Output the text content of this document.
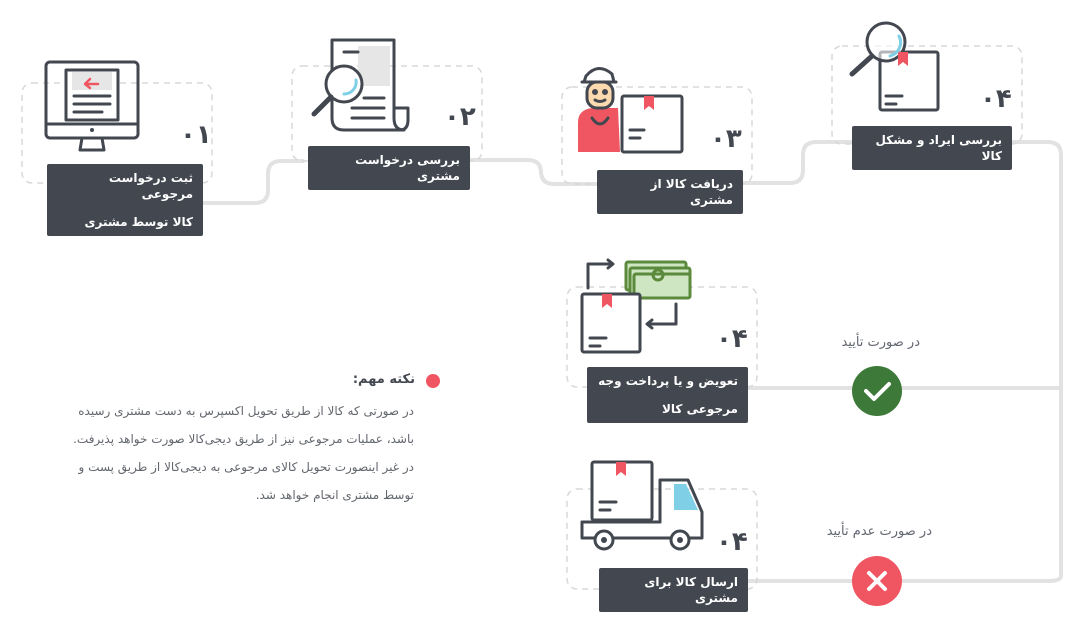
ثبت درخواست مرجوعی
کالا توسط مشتری
بررسی درخواست مشتری
دریافت کالا از مشتری
بررسی ایراد و مشکل کالا
تعویض و یا پرداخت وجه
مرجوعی کالا
ارسال کالا برای مشتری
۰۱
۰۲
۰۳
۰۴
۰۴
۰۴
در صورت تأیید
در صورت عدم تأیید
نکته مهم:
در صورتی که کالا از طریق تحویل اکسپرس به دست مشتری رسیده
باشد، عملیات مرجوعی نیز از طریق دیجی‌کالا صورت خواهد پذیرفت.
در غیر اینصورت تحویل کالای مرجوعی به دیجی‌کالا از طریق پست و
توسط مشتری انجام خواهد شد.
